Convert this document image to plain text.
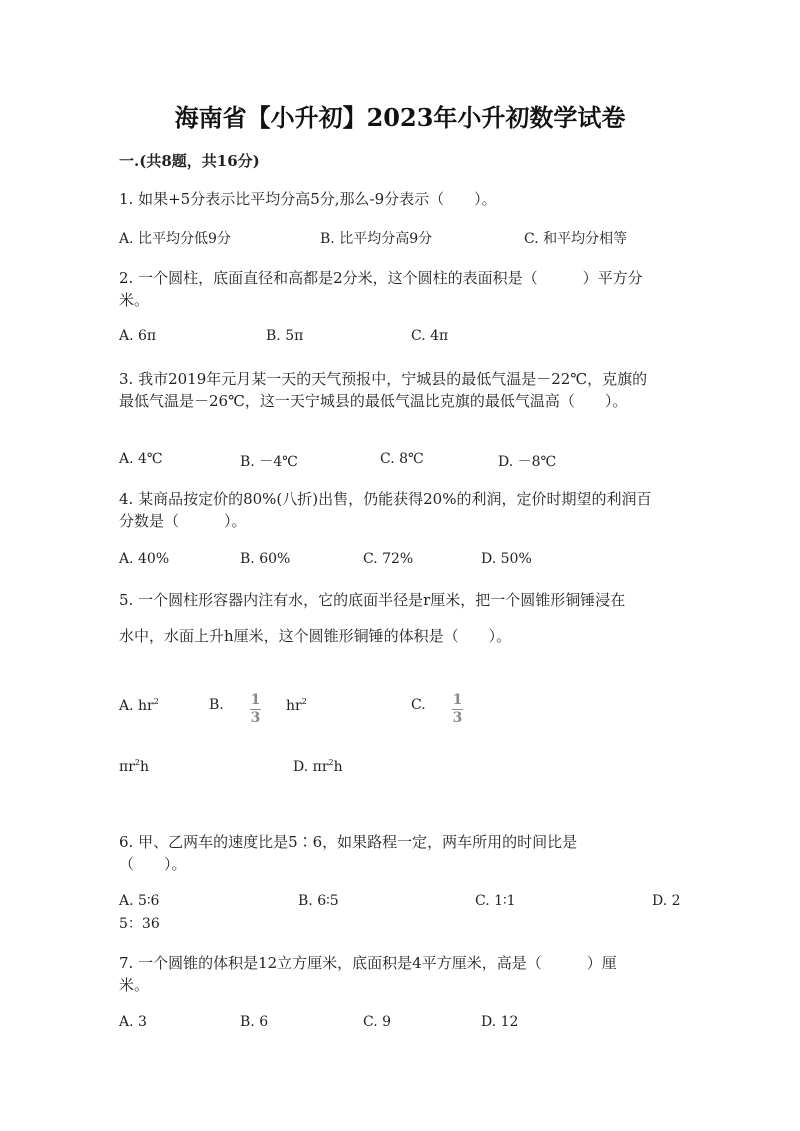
海南省【小升初】2023年小升初数学试卷
一.(共8题，共16分)
1. 如果+5分表示比平均分高5分,那么-9分表示（　　）。
A. 比平均分低9分	B. 比平均分高9分	C. 和平均分相等
2. 一个圆柱，底面直径和高都是2分米，这个圆柱的表面积是（　　　）平方分
米。
A. 6π	B. 5π	C. 4π
3. 我市2019年元月某一天的天气预报中，宁城县的最低气温是－22℃，克旗的
最低气温是－26℃，这一天宁城县的最低气温比克旗的最低气温高（　　）。
A. 4℃	B. －4℃	C. 8℃	D. －8℃
4. 某商品按定价的80%(八折)出售，仍能获得20%的利润，定价时期望的利润百
分数是（　　　）。
A. 40%	B. 60%	C. 72%	D. 50%
5. 一个圆柱形容器内注有水，它的底面半径是r厘米，把一个圆锥形铜锤浸在
水中，水面上升h厘米，这个圆锥形铜锤的体积是（　　）。
A. $hr^2$	B. $\frac{1}{3} hr^2$	C. $\frac{1}{3}$
$\pi r^2h$	D. $\pi r^2h$
6. 甲、乙两车的速度比是5∶6，如果路程一定，两车所用的时间比是
（　　）。
A. 5∶6	B. 6∶5	C. 1∶1	D. 2
5：36
7. 一个圆锥的体积是12立方厘米，底面积是4平方厘米，高是（　　　）厘
米。
A. 3	B. 6	C. 9	D. 12
